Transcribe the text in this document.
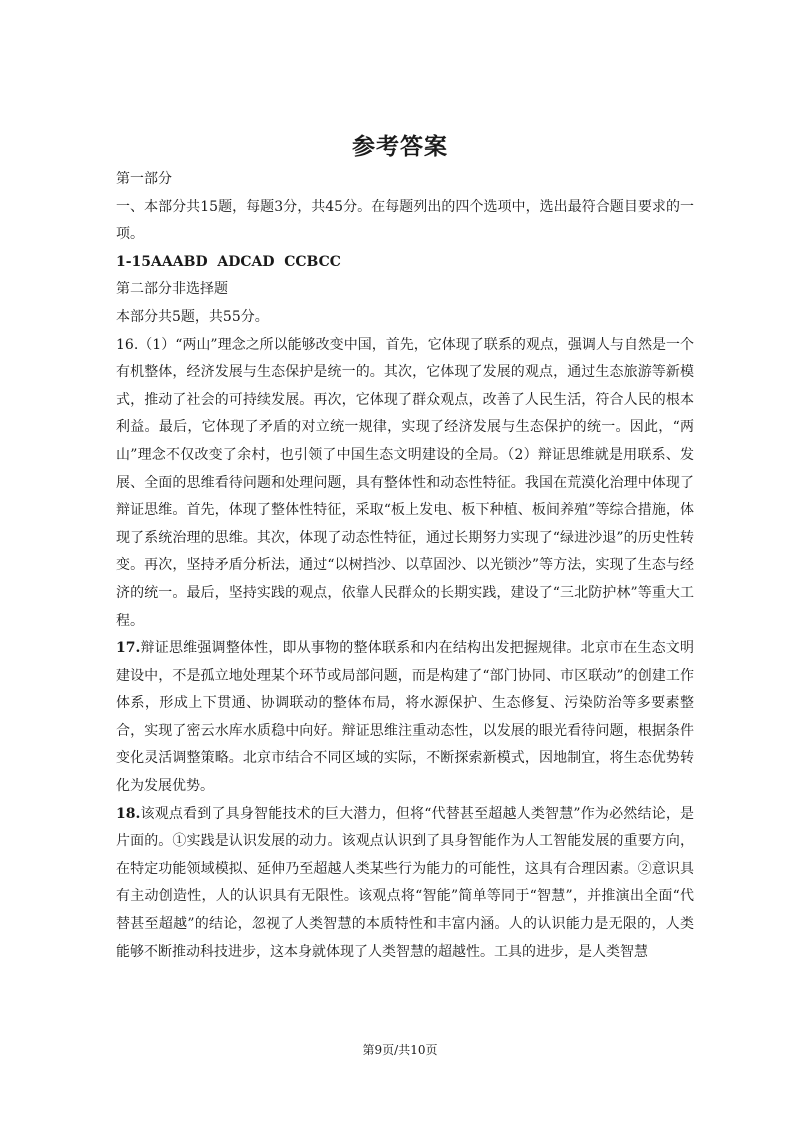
参考答案

第一部分

一、本部分共15题，每题3分，共45分。在每题列出的四个选项中，选出最符合题目要求的一项。

1-15AAABD  ADCAD  CCBCC

第二部分非选择题

本部分共5题，共55分。

16.（1）“两山”理念之所以能够改变中国，首先，它体现了联系的观点，强调人与自然是一个有机整体，经济发展与生态保护是统一的。其次，它体现了发展的观点，通过生态旅游等新模式，推动了社会的可持续发展。再次，它体现了群众观点，改善了人民生活，符合人民的根本利益。最后，它体现了矛盾的对立统一规律，实现了经济发展与生态保护的统一。因此，“两山”理念不仅改变了余村，也引领了中国生态文明建设的全局。（2）辩证思维就是用联系、发展、全面的思维看待问题和处理问题，具有整体性和动态性特征。我国在荒漠化治理中体现了辩证思维。首先，体现了整体性特征，采取“板上发电、板下种植、板间养殖”等综合措施，体现了系统治理的思维。其次，体现了动态性特征，通过长期努力实现了“绿进沙退”的历史性转变。再次，坚持矛盾分析法，通过“以树挡沙、以草固沙、以光锁沙”等方法，实现了生态与经济的统一。最后，坚持实践的观点，依靠人民群众的长期实践，建设了“三北防护林”等重大工程。

17.辩证思维强调整体性，即从事物的整体联系和内在结构出发把握规律。北京市在生态文明建设中，不是孤立地处理某个环节或局部问题，而是构建了“部门协同、市区联动”的创建工作体系，形成上下贯通、协调联动的整体布局，将水源保护、生态修复、污染防治等多要素整合，实现了密云水库水质稳中向好。辩证思维注重动态性，以发展的眼光看待问题，根据条件变化灵活调整策略。北京市结合不同区域的实际，不断探索新模式，因地制宜，将生态优势转化为发展优势。

18.该观点看到了具身智能技术的巨大潜力，但将“代替甚至超越人类智慧”作为必然结论，是片面的。①实践是认识发展的动力。该观点认识到了具身智能作为人工智能发展的重要方向，在特定功能领域模拟、延伸乃至超越人类某些行为能力的可能性，这具有合理因素。②意识具有主动创造性，人的认识具有无限性。该观点将“智能”简单等同于“智慧”，并推演出全面“代替甚至超越”的结论，忽视了人类智慧的本质特性和丰富内涵。人的认识能力是无限的，人类能够不断推动科技进步，这本身就体现了人类智慧的超越性。工具的进步，是人类智慧

第9页/共10页
